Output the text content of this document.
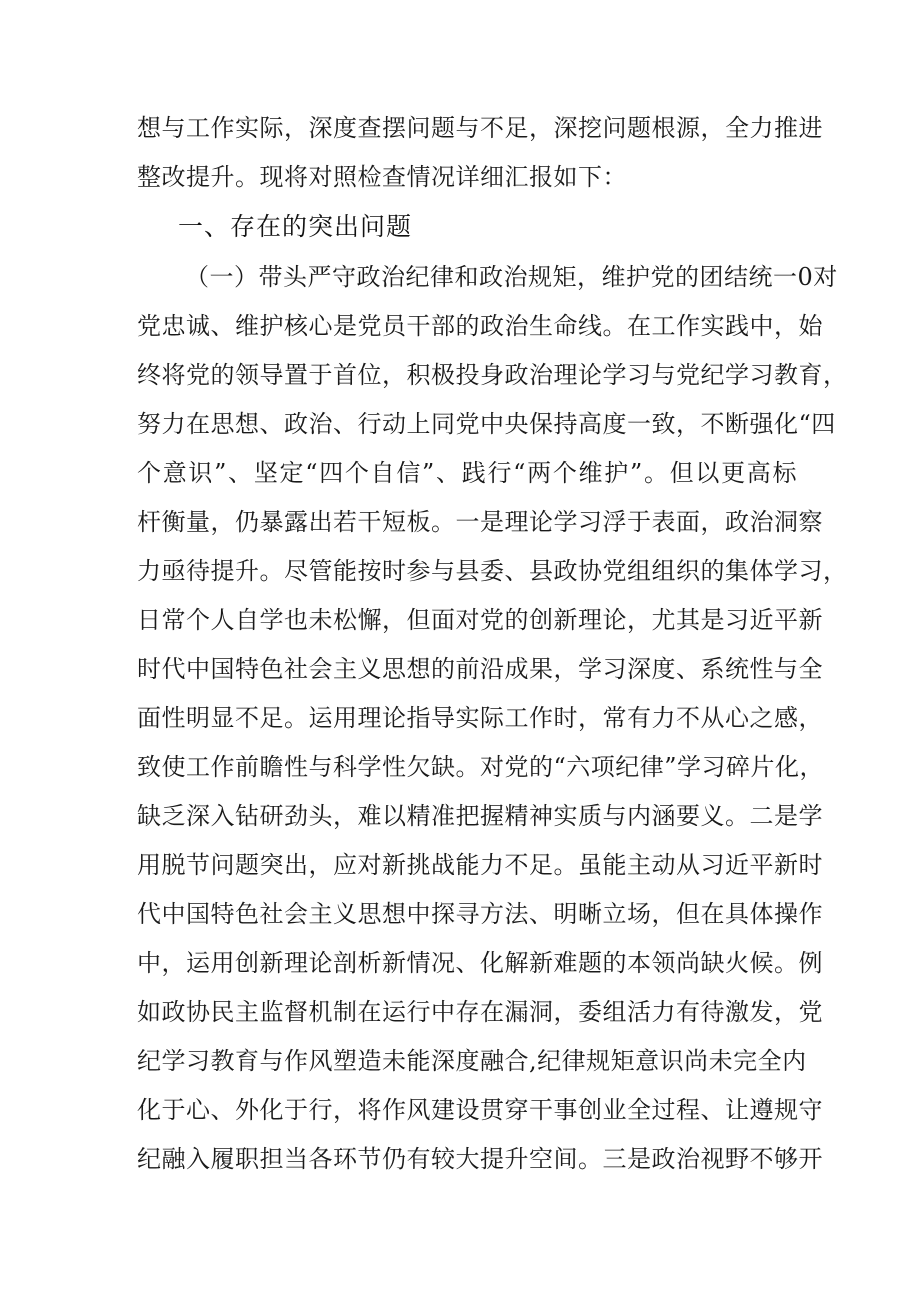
想与工作实际，深度查摆问题与不足，深挖问题根源，全力推进
整改提升。现将对照检查情况详细汇报如下：
一、存在的突出问题
（一）带头严守政治纪律和政治规矩，维护党的团结统一0对
党忠诚、维护核心是党员干部的政治生命线。在工作实践中，始
终将党的领导置于首位，积极投身政治理论学习与党纪学习教育，
努力在思想、政治、行动上同党中央保持高度一致，不断强化“四
个意识”、坚定“四个自信”、践行“两个维护”。但以更高标
杆衡量，仍暴露出若干短板。一是理论学习浮于表面，政治洞察
力亟待提升。尽管能按时参与县委、县政协党组组织的集体学习，
日常个人自学也未松懈，但面对党的创新理论，尤其是习近平新
时代中国特色社会主义思想的前沿成果，学习深度、系统性与全
面性明显不足。运用理论指导实际工作时，常有力不从心之感，
致使工作前瞻性与科学性欠缺。对党的“六项纪律”学习碎片化，
缺乏深入钻研劲头，难以精准把握精神实质与内涵要义。二是学
用脱节问题突出，应对新挑战能力不足。虽能主动从习近平新时
代中国特色社会主义思想中探寻方法、明晰立场，但在具体操作
中，运用创新理论剖析新情况、化解新难题的本领尚缺火候。例
如政协民主监督机制在运行中存在漏洞，委组活力有待激发，党
纪学习教育与作风塑造未能深度融合,纪律规矩意识尚未完全内
化于心、外化于行，将作风建设贯穿干事创业全过程、让遵规守
纪融入履职担当各环节仍有较大提升空间。三是政治视野不够开
